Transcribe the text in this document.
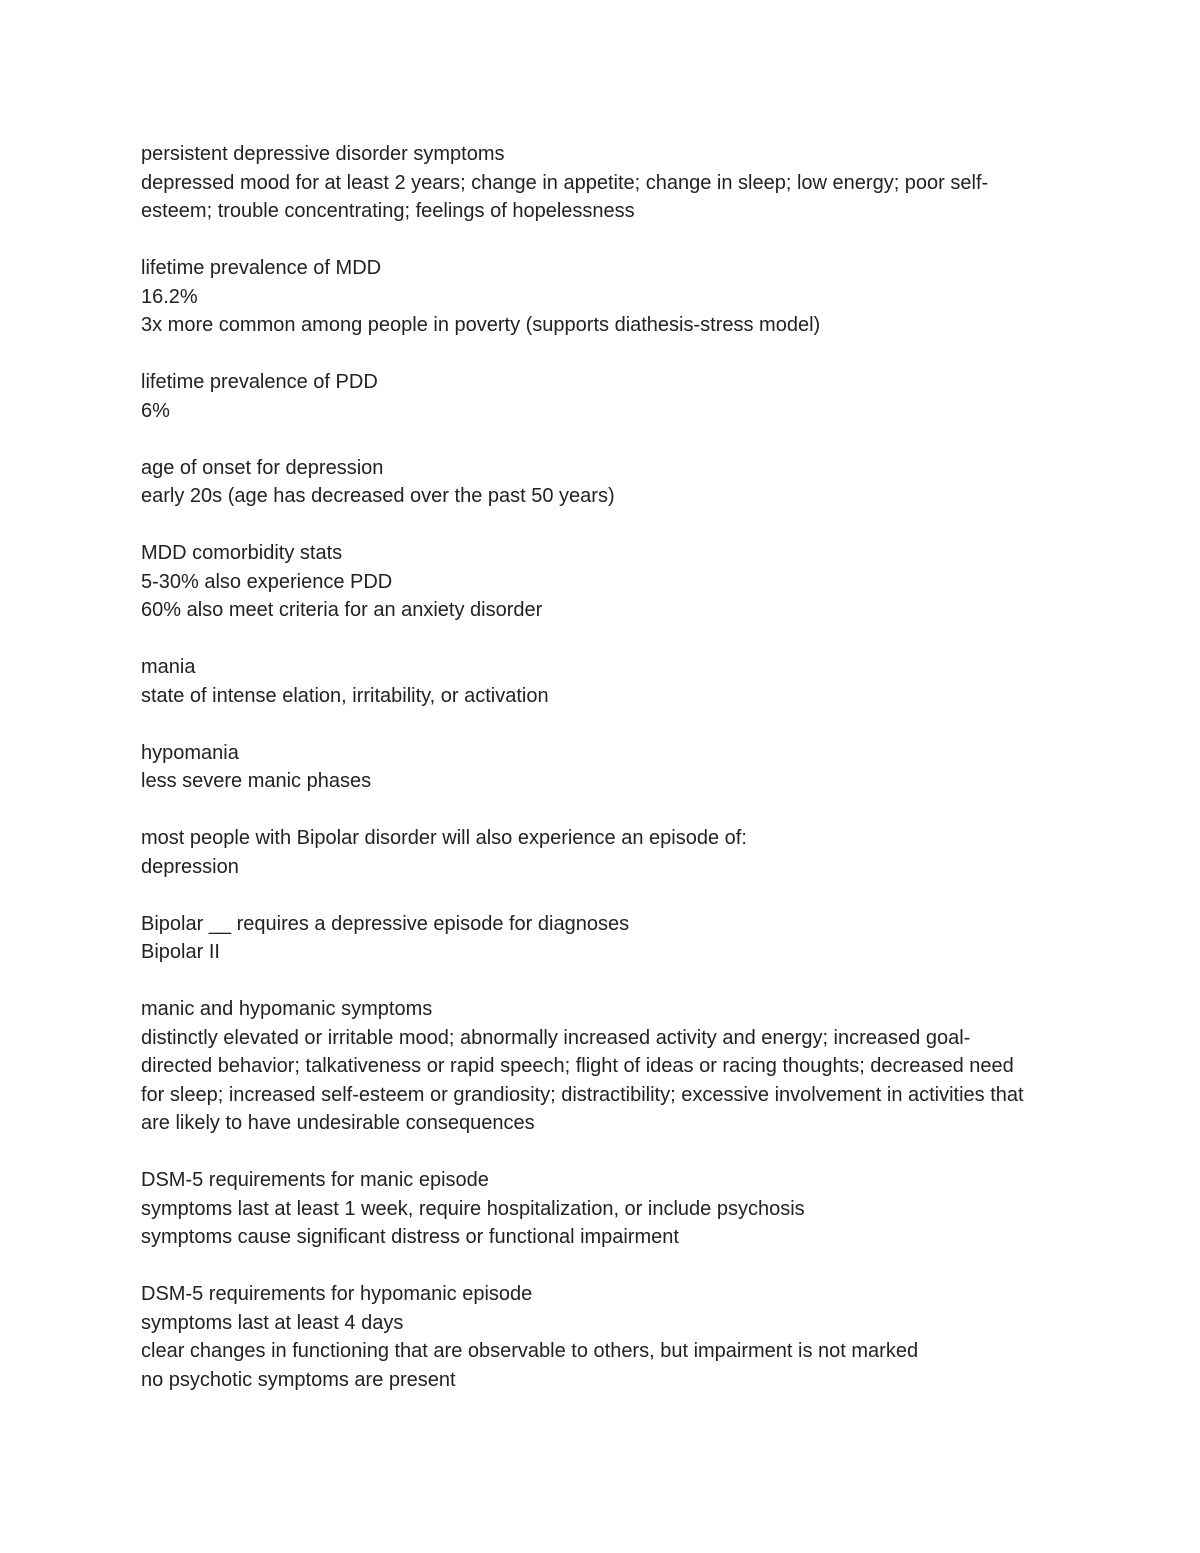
persistent depressive disorder symptoms
depressed mood for at least 2 years; change in appetite; change in sleep; low energy; poor self-esteem; trouble concentrating; feelings of hopelessness
lifetime prevalence of MDD
16.2%
3x more common among people in poverty (supports diathesis-stress model)
lifetime prevalence of PDD
6%
age of onset for depression
early 20s (age has decreased over the past 50 years)
MDD comorbidity stats
5-30% also experience PDD
60% also meet criteria for an anxiety disorder
mania
state of intense elation, irritability, or activation
hypomania
less severe manic phases
most people with Bipolar disorder will also experience an episode of:
depression
Bipolar __ requires a depressive episode for diagnoses
Bipolar II
manic and hypomanic symptoms
distinctly elevated or irritable mood; abnormally increased activity and energy; increased goal-directed behavior; talkativeness or rapid speech; flight of ideas or racing thoughts; decreased need for sleep; increased self-esteem or grandiosity; distractibility; excessive involvement in activities that are likely to have undesirable consequences
DSM-5 requirements for manic episode
symptoms last at least 1 week, require hospitalization, or include psychosis
symptoms cause significant distress or functional impairment
DSM-5 requirements for hypomanic episode
symptoms last at least 4 days
clear changes in functioning that are observable to others, but impairment is not marked
no psychotic symptoms are present
